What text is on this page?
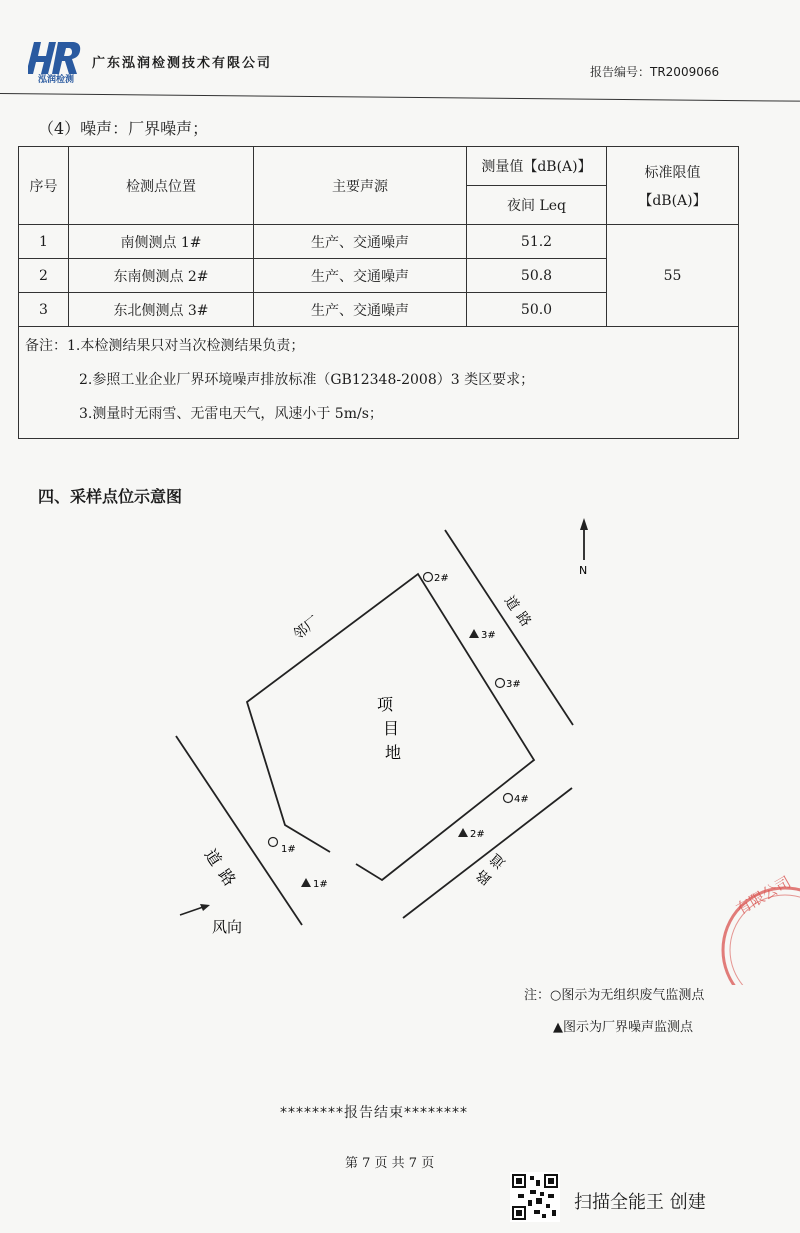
泓润检测
广东泓润检测技术有限公司
报告编号：TR2009066
（4）噪声：厂界噪声；
序号	检测点位置	主要声源	测量值【dB(A)】	标准限值
【dB(A)】

			夜间 Leq	
1	南侧测点 1#	生产、交通噪声	51.2	55
2	东南侧测点 2#	生产、交通噪声	50.8	
3	东北侧测点 3#	生产、交通噪声	50.0	

备注：1.本检测结果只对当次检测结果负责；
2.参照工业企业厂界环境噪声排放标准（GB12348-2008）3 类区要求；
3.测量时无雨雪、无雷电天气，风速小于 5m/s；				
四、采样点位示意图
N
风向
邻厂
项
目
地
道
路
道
路
道
路
2#
3#
4#
1#
3#
2#
1#
注：○图示为无组织废气监测点
▲图示为厂界噪声监测点
有限公司
********报告结束********
第 7 页 共 7 页
扫描全能王 创建
